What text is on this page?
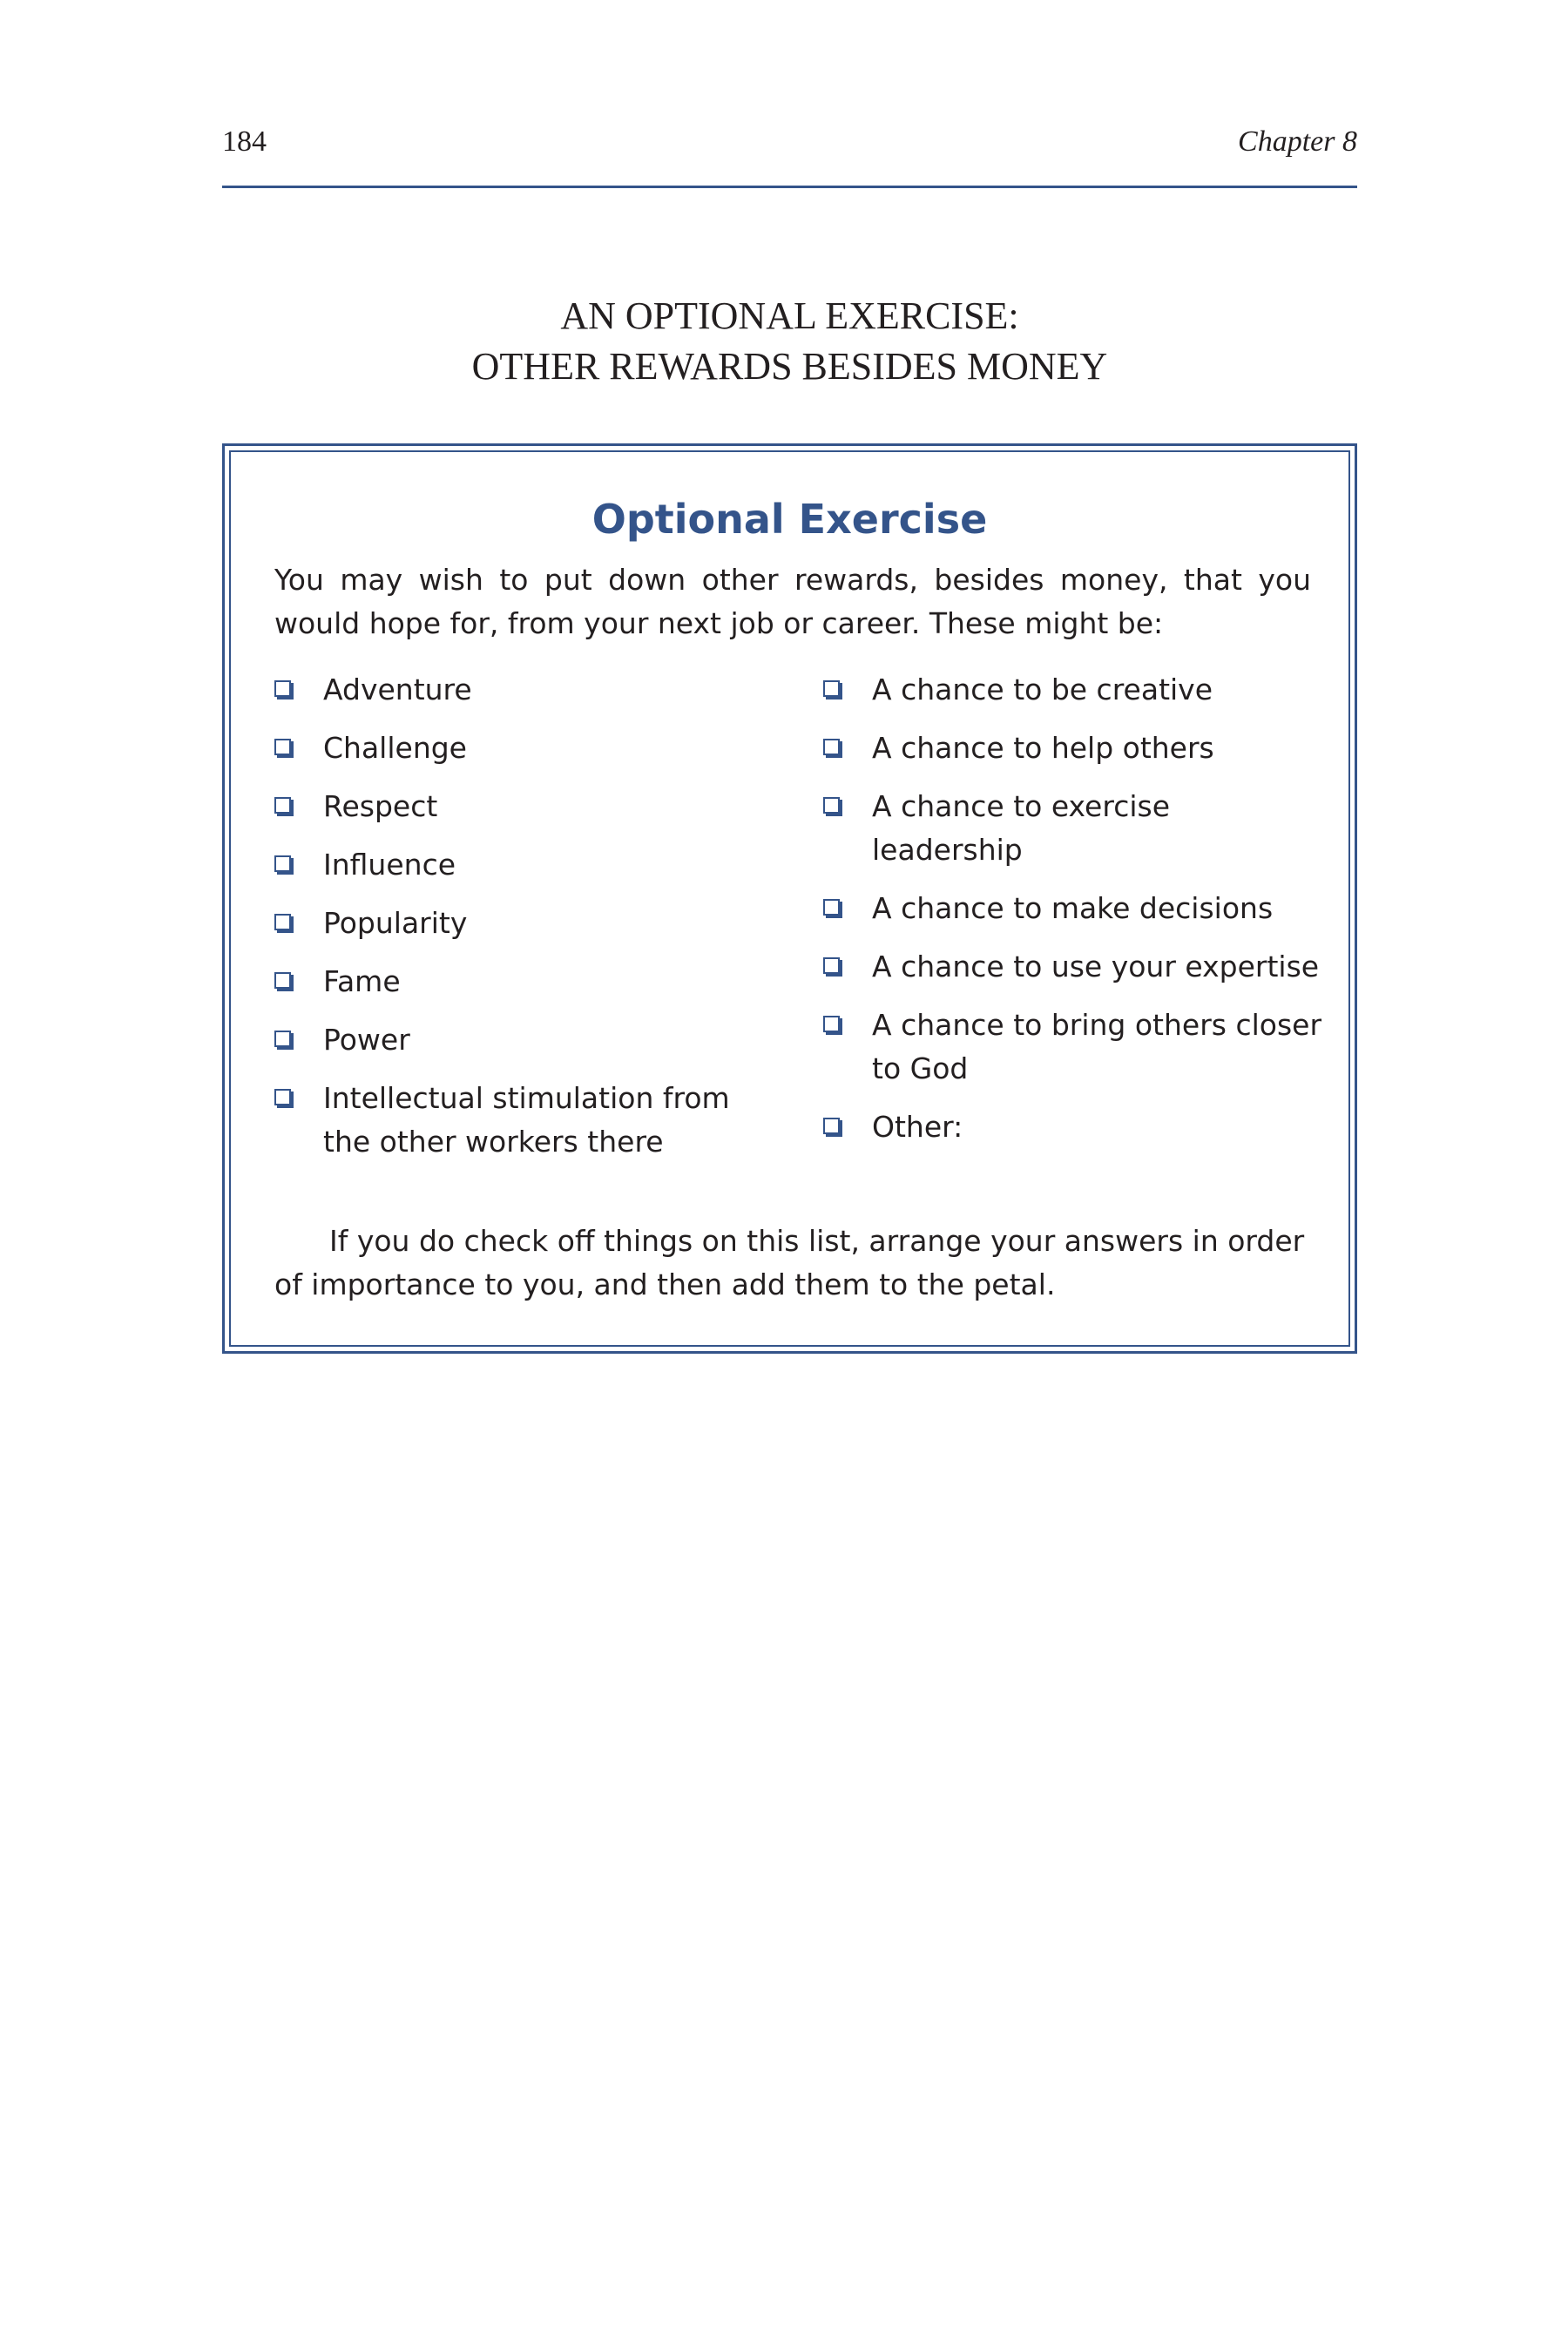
184	Chapter 8
AN OPTIONAL EXERCISE:
OTHER REWARDS BESIDES MONEY
Optional Exercise

You may wish to put down other rewards, besides money, that you would hope for, from your next job or career. These might be:

Adventure
Challenge
Respect
Influence
Popularity
Fame
Power
Intellectual stimulation from the other workers there
A chance to be creative
A chance to help others
A chance to exercise leadership
A chance to make decisions
A chance to use your expertise
A chance to bring others closer to God
Other:

If you do check off things on this list, arrange your answers in order of importance to you, and then add them to the petal.
